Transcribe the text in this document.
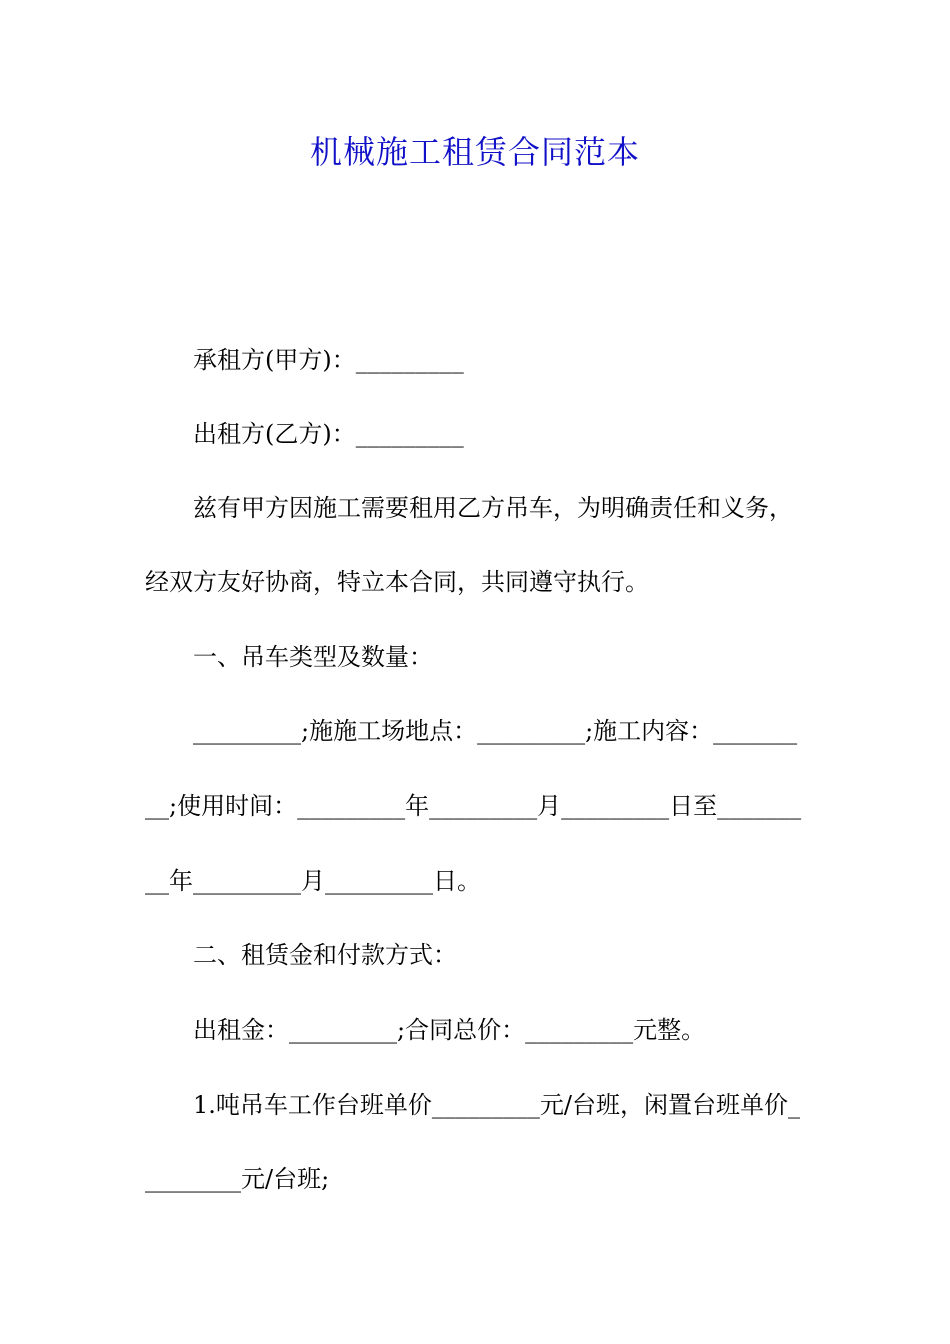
机械施工租赁合同范本
承租方(甲方)：_________
出租方(乙方)：_________
兹有甲方因施工需要租用乙方吊车，为明确责任和义务，
经双方友好协商，特立本合同，共同遵守执行。
一、吊车类型及数量：
_________;施施工场地点：_________;施工内容：_______
__;使用时间：_________年_________月_________日至_______
__年_________月_________日。
二、租赁金和付款方式：
出租金：_________;合同总价：_________元整。
1.吨吊车工作台班单价_________元/台班，闲置台班单价_
________元/台班;
